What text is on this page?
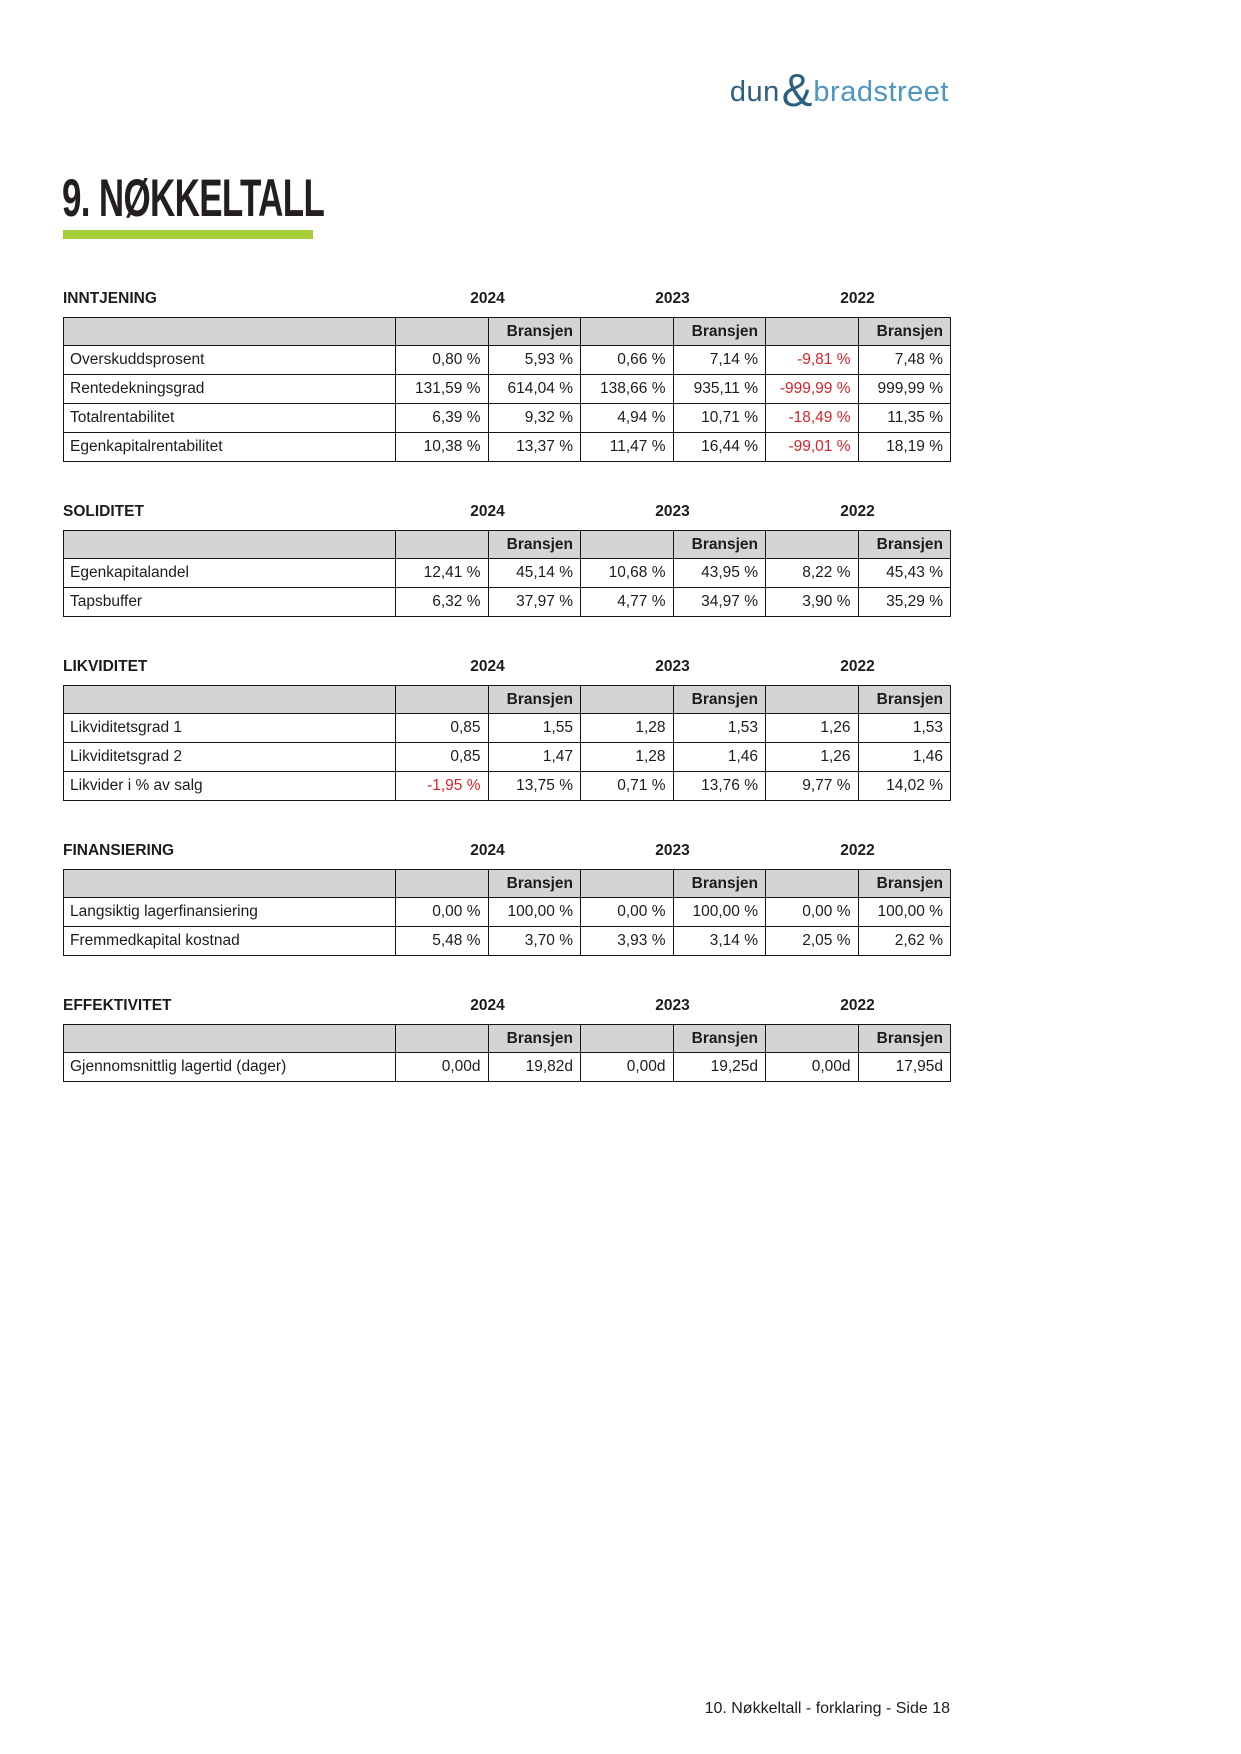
dun & bradstreet
9. NØKKELTALL
INNTJENING	2024	2023	2022
		Bransjen		Bransjen		Bransjen
Overskuddsprosent	0,80 %	5,93 %	0,66 %	7,14 %	-9,81 %	7,48 %
Rentedekningsgrad	131,59 %	614,04 %	138,66 %	935,11 %	-999,99 %	999,99 %
Totalrentabilitet	6,39 %	9,32 %	4,94 %	10,71 %	-18,49 %	11,35 %
Egenkapitalrentabilitet	10,38 %	13,37 %	11,47 %	16,44 %	-99,01 %	18,19 %
SOLIDITET	2024	2023	2022
		Bransjen		Bransjen		Bransjen
Egenkapitalandel	12,41 %	45,14 %	10,68 %	43,95 %	8,22 %	45,43 %
Tapsbuffer	6,32 %	37,97 %	4,77 %	34,97 %	3,90 %	35,29 %
LIKVIDITET	2024	2023	2022
		Bransjen		Bransjen		Bransjen
Likviditetsgrad 1	0,85	1,55	1,28	1,53	1,26	1,53
Likviditetsgrad 2	0,85	1,47	1,28	1,46	1,26	1,46
Likvider i % av salg	-1,95 %	13,75 %	0,71 %	13,76 %	9,77 %	14,02 %
FINANSIERING	2024	2023	2022
		Bransjen		Bransjen		Bransjen
Langsiktig lagerfinansiering	0,00 %	100,00 %	0,00 %	100,00 %	0,00 %	100,00 %
Fremmedkapital kostnad	5,48 %	3,70 %	3,93 %	3,14 %	2,05 %	2,62 %
EFFEKTIVITET	2024	2023	2022
		Bransjen		Bransjen		Bransjen
Gjennomsnittlig lagertid (dager)	0,00d	19,82d	0,00d	19,25d	0,00d	17,95d
10. Nøkkeltall - forklaring - Side 18
